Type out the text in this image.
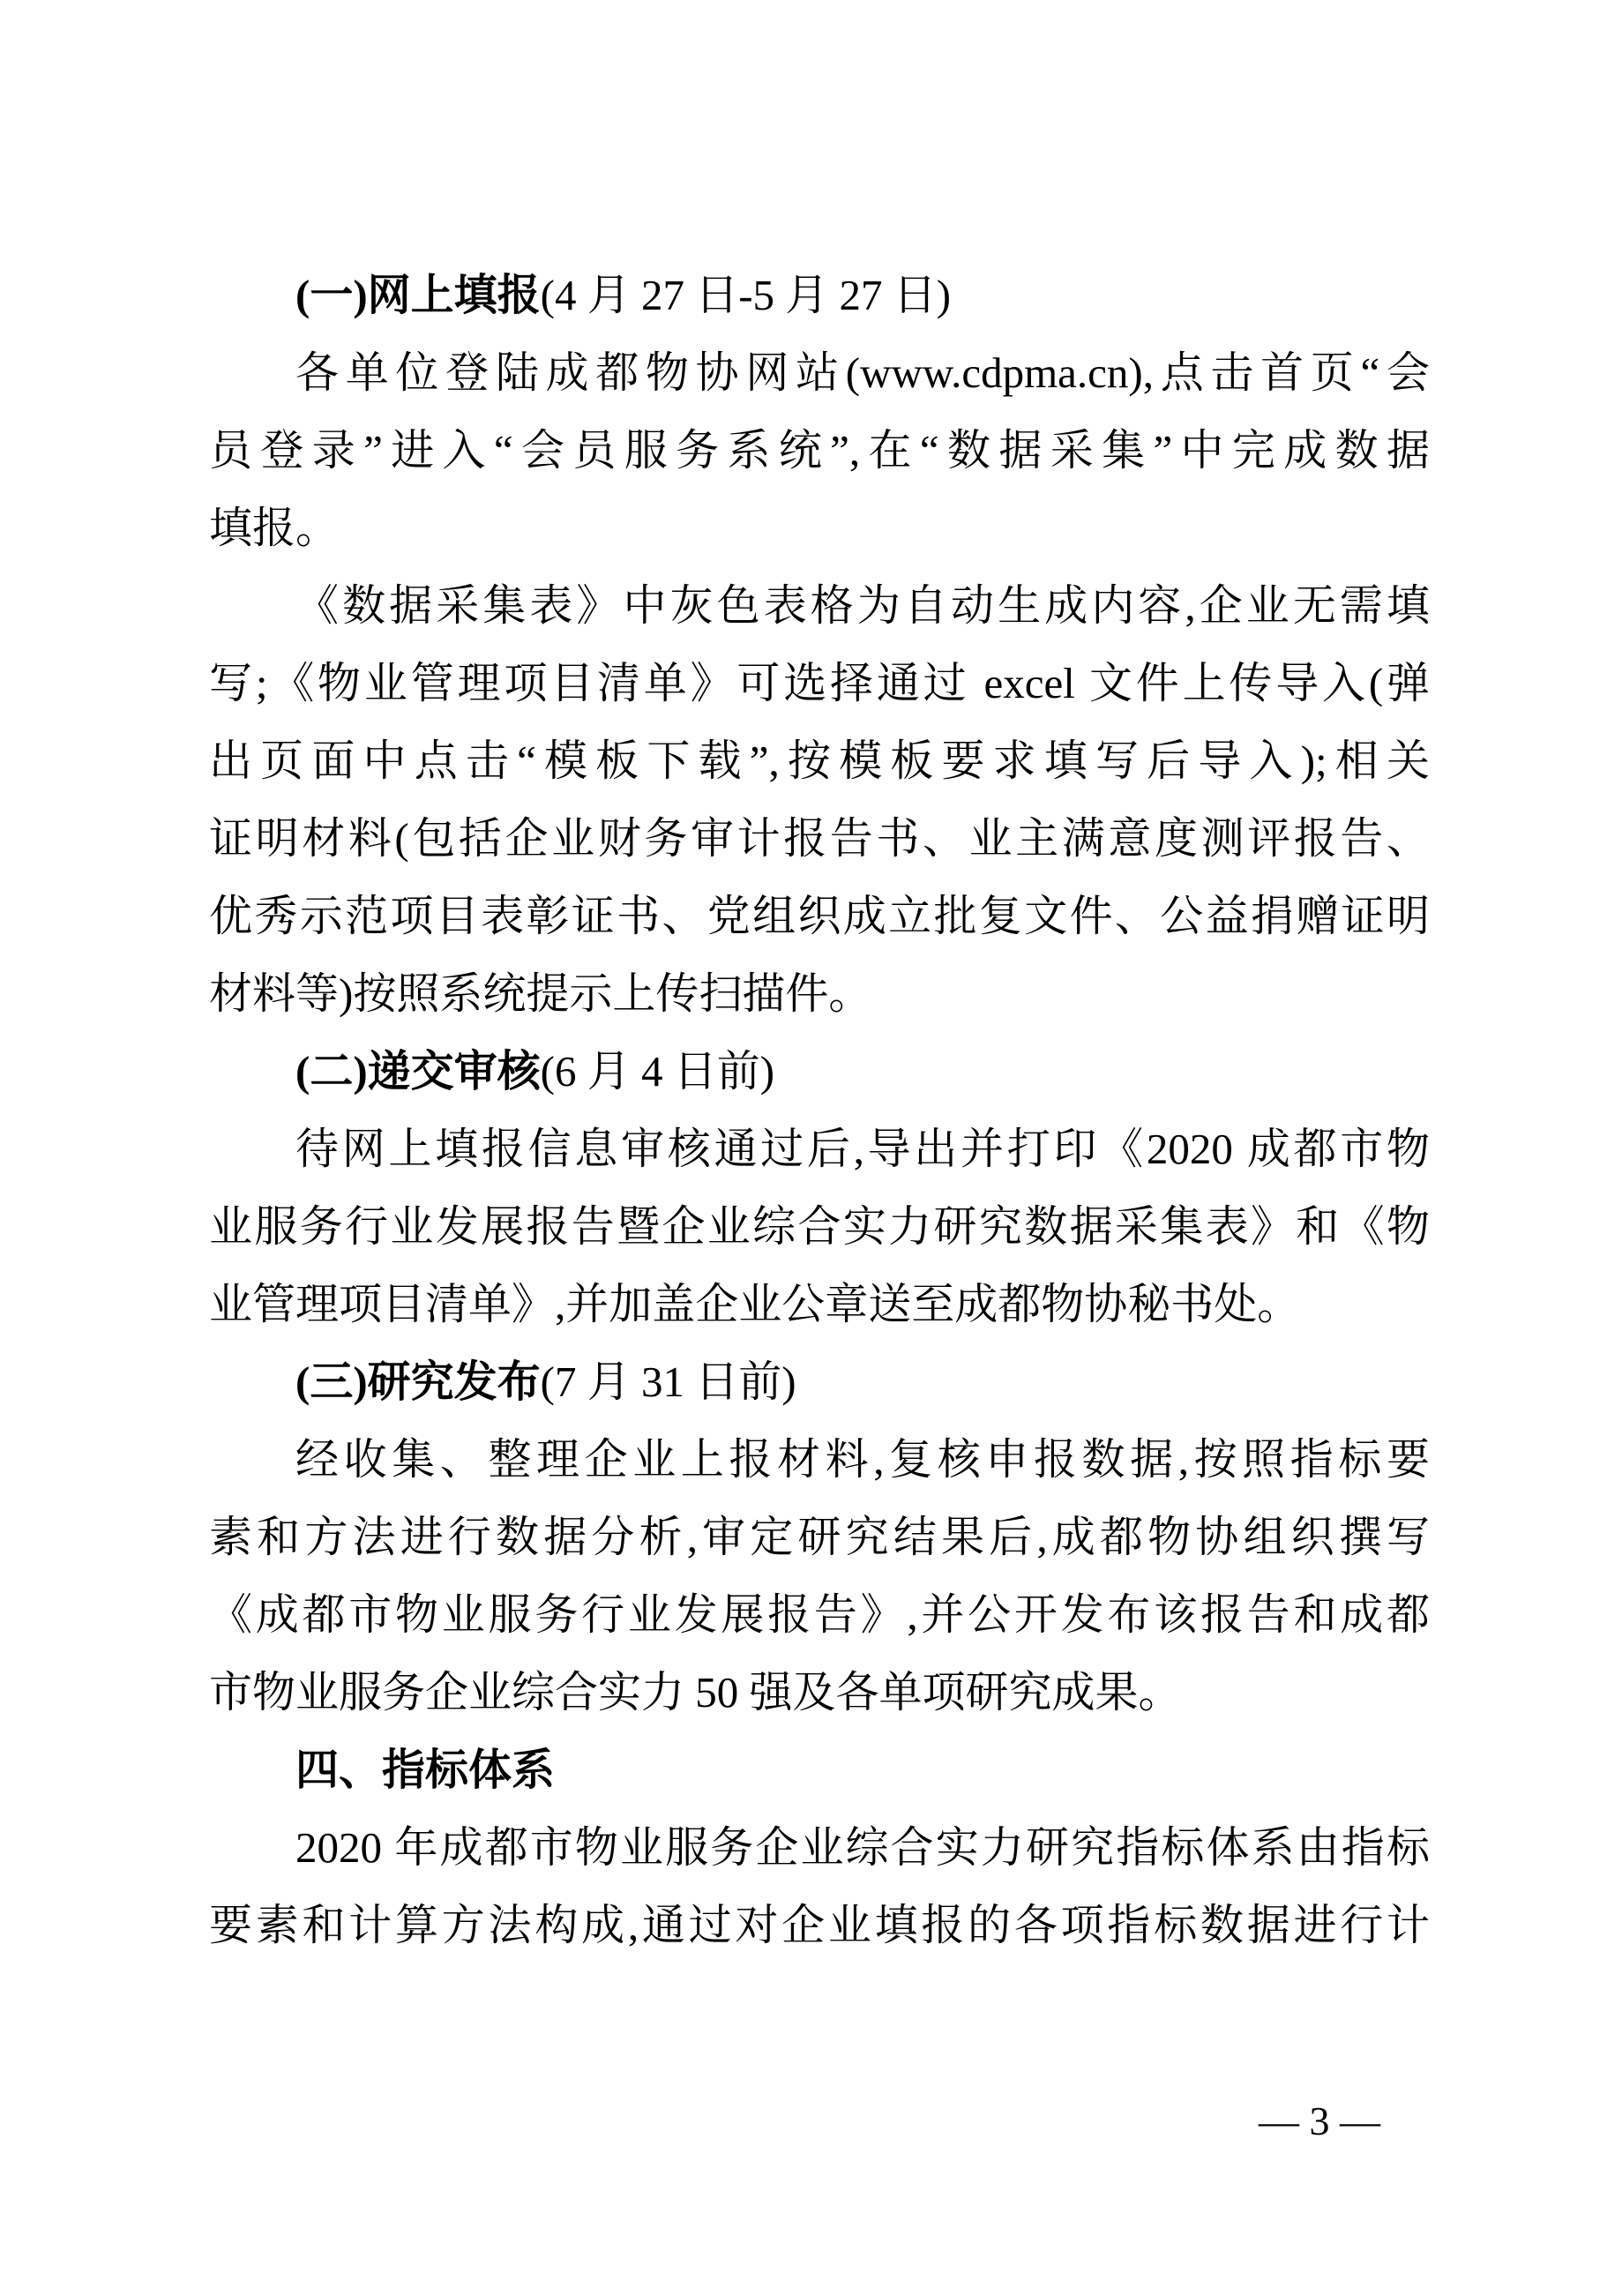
(一)网上填报(4 月 27 日-5 月 27 日)
各单位登陆成都物协网站(www.cdpma.cn),点击首页“会
员登录”进入“会员服务系统”,在“数据采集”中完成数据
填报。
《数据采集表》中灰色表格为自动生成内容,企业无需填
写;《物业管理项目清单》可选择通过 excel 文件上传导入(弹
出页面中点击“模板下载”,按模板要求填写后导入);相关
证明材料(包括企业财务审计报告书、业主满意度测评报告、
优秀示范项目表彰证书、党组织成立批复文件、公益捐赠证明
材料等)按照系统提示上传扫描件。
(二)递交审核(6 月 4 日前)
待网上填报信息审核通过后,导出并打印《2020 成都市物
业服务行业发展报告暨企业综合实力研究数据采集表》和《物
业管理项目清单》,并加盖企业公章送至成都物协秘书处。
(三)研究发布(7 月 31 日前)
经收集、整理企业上报材料,复核申报数据,按照指标要
素和方法进行数据分析,审定研究结果后,成都物协组织撰写
《成都市物业服务行业发展报告》,并公开发布该报告和成都
市物业服务企业综合实力 50 强及各单项研究成果。
四、指标体系
2020 年成都市物业服务企业综合实力研究指标体系由指标
要素和计算方法构成,通过对企业填报的各项指标数据进行计
— 3 —
